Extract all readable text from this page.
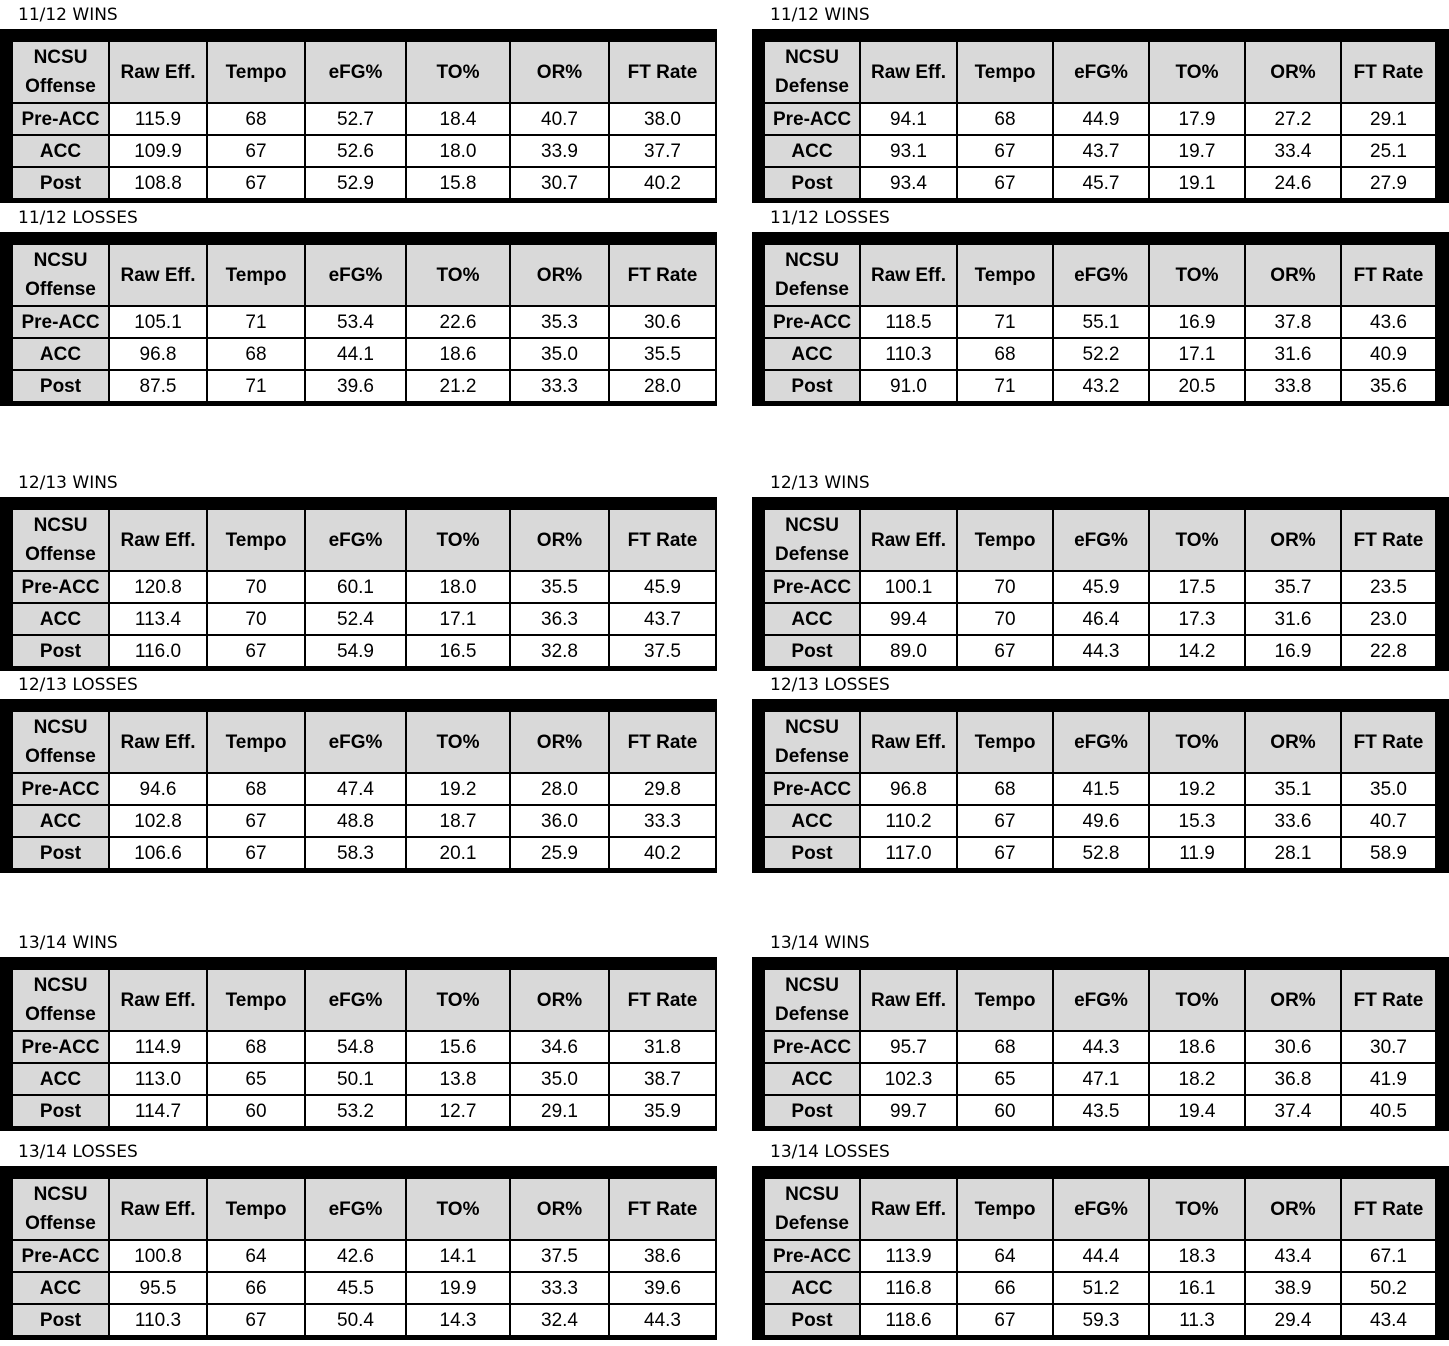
11/12 WINS
NCSU
Offense
Raw Eff.	Tempo	eFG%	TO%	OR%	FT Rate
Pre-ACC	115.9	68	52.7	18.4	40.7	38.0
ACC	109.9	67	52.6	18.0	33.9	37.7
Post	108.8	67	52.9	15.8	30.7	40.2
11/12 WINS
NCSU
Defense
Raw Eff.	Tempo	eFG%	TO%	OR%	FT Rate
Pre-ACC	94.1	68	44.9	17.9	27.2	29.1
ACC	93.1	67	43.7	19.7	33.4	25.1
Post	93.4	67	45.7	19.1	24.6	27.9
11/12 LOSSES
NCSU
Offense
Raw Eff.	Tempo	eFG%	TO%	OR%	FT Rate
Pre-ACC	105.1	71	53.4	22.6	35.3	30.6
ACC	96.8	68	44.1	18.6	35.0	35.5
Post	87.5	71	39.6	21.2	33.3	28.0
11/12 LOSSES
NCSU
Defense
Raw Eff.	Tempo	eFG%	TO%	OR%	FT Rate
Pre-ACC	118.5	71	55.1	16.9	37.8	43.6
ACC	110.3	68	52.2	17.1	31.6	40.9
Post	91.0	71	43.2	20.5	33.8	35.6
12/13 WINS
NCSU
Offense
Raw Eff.	Tempo	eFG%	TO%	OR%	FT Rate
Pre-ACC	120.8	70	60.1	18.0	35.5	45.9
ACC	113.4	70	52.4	17.1	36.3	43.7
Post	116.0	67	54.9	16.5	32.8	37.5
12/13 WINS
NCSU
Defense
Raw Eff.	Tempo	eFG%	TO%	OR%	FT Rate
Pre-ACC	100.1	70	45.9	17.5	35.7	23.5
ACC	99.4	70	46.4	17.3	31.6	23.0
Post	89.0	67	44.3	14.2	16.9	22.8
12/13 LOSSES
NCSU
Offense
Raw Eff.	Tempo	eFG%	TO%	OR%	FT Rate
Pre-ACC	94.6	68	47.4	19.2	28.0	29.8
ACC	102.8	67	48.8	18.7	36.0	33.3
Post	106.6	67	58.3	20.1	25.9	40.2
12/13 LOSSES
NCSU
Defense
Raw Eff.	Tempo	eFG%	TO%	OR%	FT Rate
Pre-ACC	96.8	68	41.5	19.2	35.1	35.0
ACC	110.2	67	49.6	15.3	33.6	40.7
Post	117.0	67	52.8	11.9	28.1	58.9
13/14 WINS
NCSU
Offense
Raw Eff.	Tempo	eFG%	TO%	OR%	FT Rate
Pre-ACC	114.9	68	54.8	15.6	34.6	31.8
ACC	113.0	65	50.1	13.8	35.0	38.7
Post	114.7	60	53.2	12.7	29.1	35.9
13/14 WINS
NCSU
Defense
Raw Eff.	Tempo	eFG%	TO%	OR%	FT Rate
Pre-ACC	95.7	68	44.3	18.6	30.6	30.7
ACC	102.3	65	47.1	18.2	36.8	41.9
Post	99.7	60	43.5	19.4	37.4	40.5
13/14 LOSSES
NCSU
Offense
Raw Eff.	Tempo	eFG%	TO%	OR%	FT Rate
Pre-ACC	100.8	64	42.6	14.1	37.5	38.6
ACC	95.5	66	45.5	19.9	33.3	39.6
Post	110.3	67	50.4	14.3	32.4	44.3
13/14 LOSSES
NCSU
Defense
Raw Eff.	Tempo	eFG%	TO%	OR%	FT Rate
Pre-ACC	113.9	64	44.4	18.3	43.4	67.1
ACC	116.8	66	51.2	16.1	38.9	50.2
Post	118.6	67	59.3	11.3	29.4	43.4
